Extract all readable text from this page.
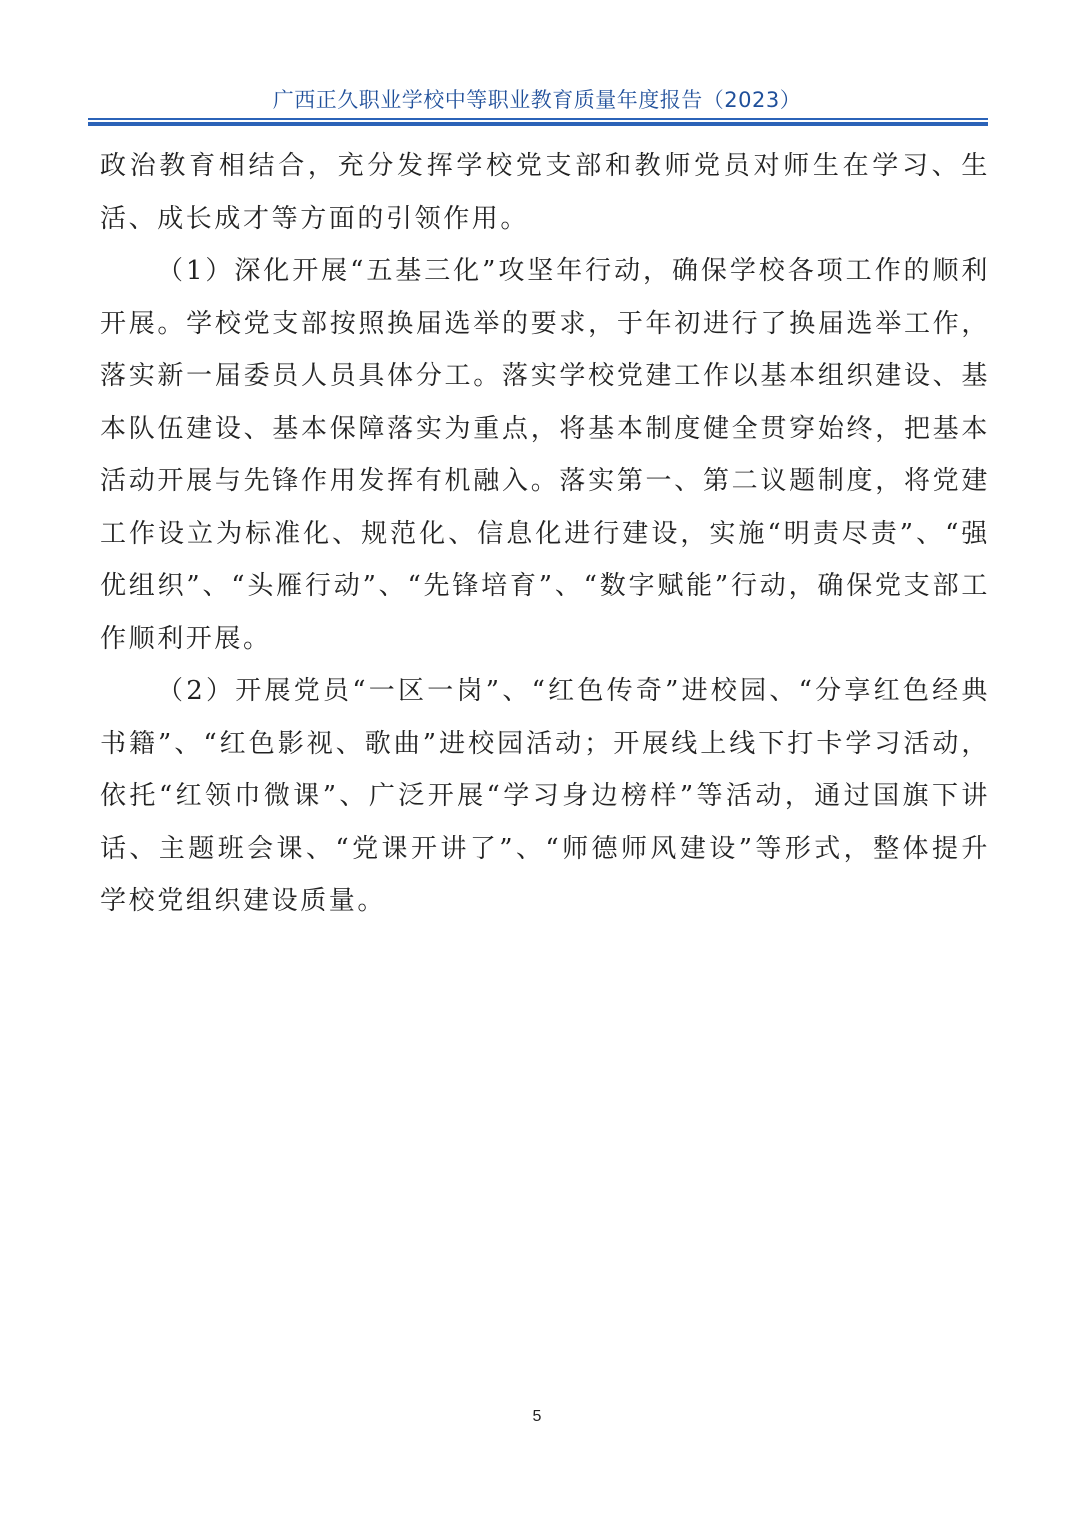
广西正久职业学校中等职业教育质量年度报告（2023）

政治教育相结合，充分发挥学校党支部和教师党员对师生在学习、生活、成长成才等方面的引领作用。

（1）深化开展“五基三化”攻坚年行动，确保学校各项工作的顺利开展。学校党支部按照换届选举的要求，于年初进行了换届选举工作，落实新一届委员人员具体分工。落实学校党建工作以基本组织建设、基本队伍建设、基本保障落实为重点，将基本制度健全贯穿始终，把基本活动开展与先锋作用发挥有机融入。落实第一、第二议题制度，将党建工作设立为标准化、规范化、信息化进行建设，实施“明责尽责”、“强优组织”、“头雁行动”、“先锋培育”、“数字赋能”行动，确保党支部工作顺利开展。

（2）开展党员“一区一岗”、“红色传奇”进校园、“分享红色经典书籍”、“红色影视、歌曲”进校园活动；开展线上线下打卡学习活动，依托“红领巾微课”、广泛开展“学习身边榜样”等活动，通过国旗下讲话、主题班会课、“党课开讲了”、“师德师风建设”等形式，整体提升学校党组织建设质量。

5
